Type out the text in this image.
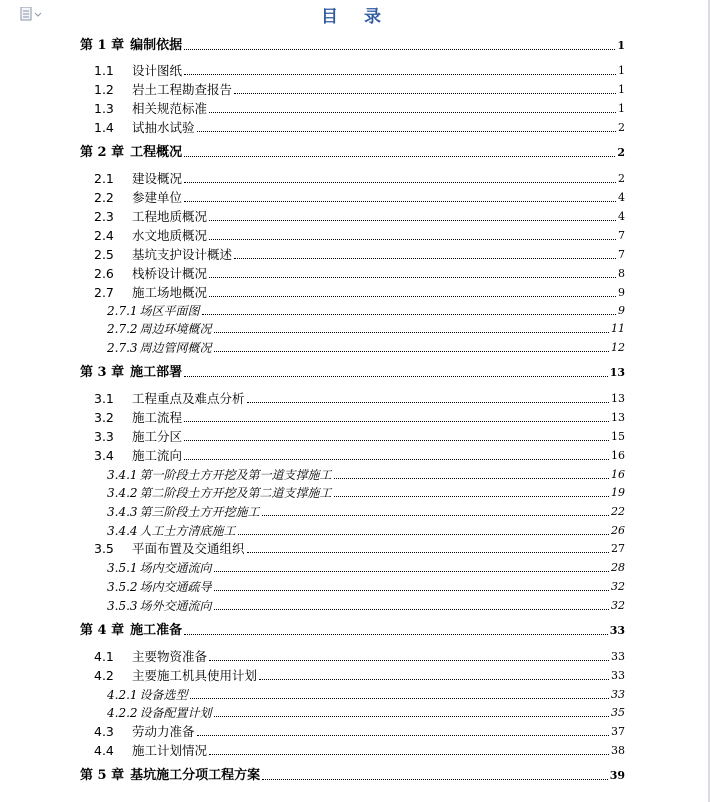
目 录
第 1 章 编制依据	1
1.1	设计图纸	1
1.2	岩土工程勘查报告	1
1.3	相关规范标准	1
1.4	试抽水试验	2
第 2 章 工程概况	2
2.1	建设概况	2
2.2	参建单位	4
2.3	工程地质概况	4
2.4	水文地质概况	7
2.5	基坑支护设计概述	7
2.6	栈桥设计概况	8
2.7	施工场地概况	9
2.7.1 场区平面图	9
2.7.2 周边环境概况	11
2.7.3 周边管网概况	12
第 3 章 施工部署	13
3.1	工程重点及难点分析	13
3.2	施工流程	13
3.3	施工分区	15
3.4	施工流向	16
3.4.1 第一阶段土方开挖及第一道支撑施工	16
3.4.2 第二阶段土方开挖及第二道支撑施工	19
3.4.3 第三阶段土方开挖施工	22
3.4.4 人工土方清底施工	26
3.5	平面布置及交通组织	27
3.5.1 场内交通流向	28
3.5.2 场内交通疏导	32
3.5.3 场外交通流向	32
第 4 章 施工准备	33
4.1	主要物资准备	33
4.2	主要施工机具使用计划	33
4.2.1 设备选型	33
4.2.2 设备配置计划	35
4.3	劳动力准备	37
4.4	施工计划情况	38
第 5 章 基坑施工分项工程方案	39
